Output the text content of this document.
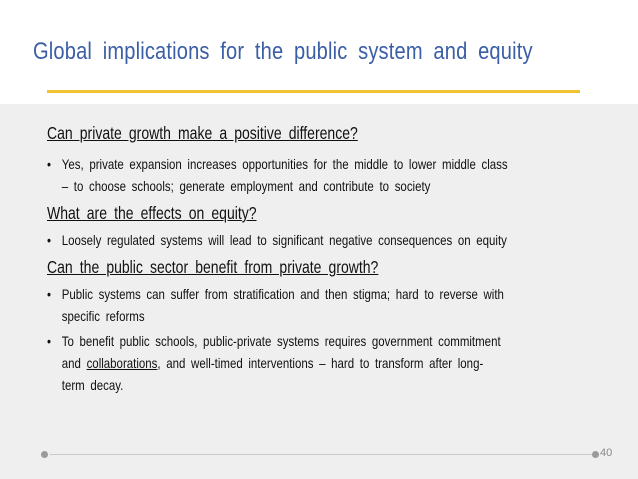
Global implications for the public system and equity
Can private growth make a positive difference?
• Yes, private expansion increases opportunities for the middle to lower middle class
– to choose schools; generate employment and contribute to society
What are the effects on equity?
• Loosely regulated systems will lead to significant negative consequences on equity
Can the public sector benefit from private growth?
• Public systems can suffer from stratification and then stigma; hard to reverse with
specific reforms
• To benefit public schools, public-private systems requires government commitment
and collaborations, and well-timed interventions – hard to transform after long-
term decay.
40
